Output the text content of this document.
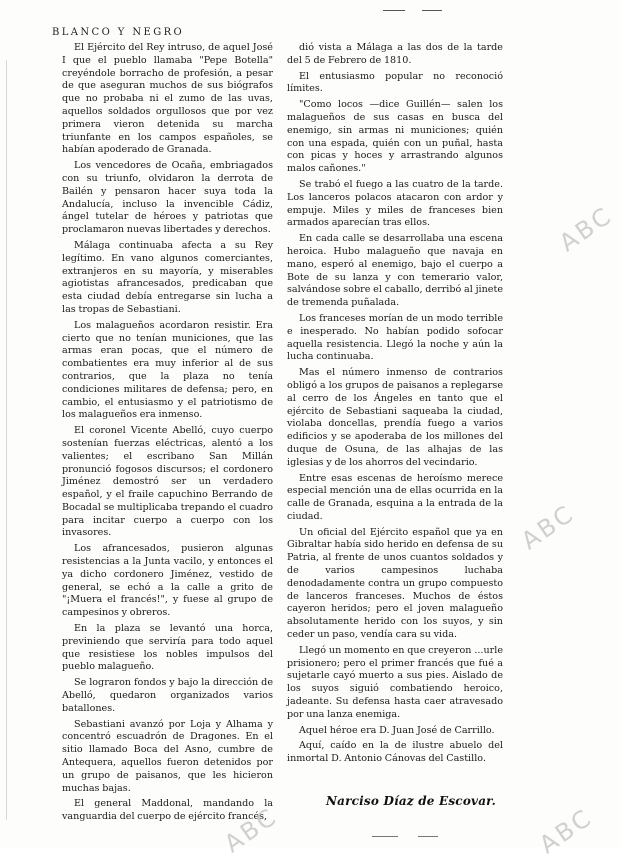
BLANCO Y NEGRO

El Ejército del Rey intruso, de aquel José I que el pueblo llamaba "Pepe Botella" creyéndole borracho de profesión, a pesar de que aseguran muchos de sus biógrafos que no probaba ni el zumo de las uvas, aquellos soldados orgullosos que por vez primera vieron detenida su marcha triunfante en los campos españoles, se habían apoderado de Granada.

Los vencedores de Ocaña, embriagados con su triunfo, olvidaron la derrota de Bailén y pensaron hacer suya toda la Andalucía, incluso la invencible Cádiz, ángel tutelar de héroes y patriotas que proclamaron nuevas libertades y derechos.

Málaga continuaba afecta a su Rey legítimo. En vano algunos comerciantes, extranjeros en su mayoría, y miserables agiotistas afrancesados, predicaban que esta ciudad debía entregarse sin lucha a las tropas de Sebastiani.

Los malagueños acordaron resistir. Era cierto que no tenían municiones, que las armas eran pocas, que el número de combatientes era muy inferior al de sus contrarios, que la plaza no tenía condiciones militares de defensa; pero, en cambio, el entusiasmo y el patriotismo de los malagueños era inmenso.

El coronel Vicente Abelló, cuyo cuerpo sostenían fuerzas eléctricas, alentó a los valientes; el escribano San Millán pronunció fogosos discursos; el cordonero Jiménez demostró ser un verdadero español, y el fraile capuchino Berrando de Bocadal se multiplicaba trepando el cuadro para incitar cuerpo a cuerpo con los invasores.

Los afrancesados, pusieron algunas resistencias a la Junta vacilo, y entonces el ya dicho cordonero Jiménez, vestido de general, se echó a la calle a grito de "¡Muera el francés!", y fuese al grupo de campesinos y obreros.

En la plaza se levantó una horca, previniendo que serviría para todo aquel que resistiese los nobles impulsos del pueblo malagueño.

Se lograron fondos y bajo la dirección de Abelló, quedaron organizados varios batallones.

Sebastiani avanzó por Loja y Alhama y concentró escuadrón de Dragones. En el sitio llamado Boca del Asno, cumbre de Antequera, aquellos fueron detenidos por un grupo de paisanos, que les hicieron muchas bajas.

El general Maddonal, mandando la vanguardia del cuerpo de ejército francés,

dió vista a Málaga a las dos de la tarde del 5 de Febrero de 1810.

El entusiasmo popular no reconoció límites.

"Como locos —dice Guillén— salen los malagueños de sus casas en busca del enemigo, sin armas ni municiones; quién con una espada, quién con un puñal, hasta con picas y hoces y arrastrando algunos malos cañones."

Se trabó el fuego a las cuatro de la tarde. Los lanceros polacos atacaron con ardor y empuje. Miles y miles de franceses bien armados aparecían tras ellos.

En cada calle se desarrollaba una escena heroica. Hubo malagueño que navaja en mano, esperó al enemigo, bajo el cuerpo a Bote de su lanza y con temerario valor, salvándose sobre el caballo, derribó al jinete de tremenda puñalada.

Los franceses morían de un modo terrible e inesperado. No habían podido sofocar aquella resistencia. Llegó la noche y aún la lucha continuaba.

Mas el número inmenso de contrarios obligó a los grupos de paisanos a replegarse al cerro de los Ángeles en tanto que el ejército de Sebastiani saqueaba la ciudad, violaba doncellas, prendía fuego a varios edificios y se apoderaba de los millones del duque de Osuna, de las alhajas de las iglesias y de los ahorros del vecindario.

Entre esas escenas de heroísmo merece especial mención una de ellas ocurrida en la calle de Granada, esquina a la entrada de la ciudad.

Un oficial del Ejército español que ya en Gibraltar había sido herido en defensa de su Patria, al frente de unos cuantos soldados y de varios campesinos luchaba denodadamente contra un grupo compuesto de lanceros franceses. Muchos de éstos cayeron heridos; pero el joven malagueño absolutamente herido con los suyos, y sin ceder un paso, vendía cara su vida.

Llegó un momento en que creyeron ...urle prisionero; pero el primer francés que fué a sujetarle cayó muerto a sus pies. Aislado de los suyos siguió combatiendo heroico, jadeante. Su defensa hasta caer atravesado por una lanza enemiga.

Aquel héroe era D. Juan José de Carrillo.

Aquí, caído en la de ilustre abuelo del inmortal D. Antonio Cánovas del Castillo.

Narciso Díaz de Escovar.
ABC
ABC
ABC	ABC
